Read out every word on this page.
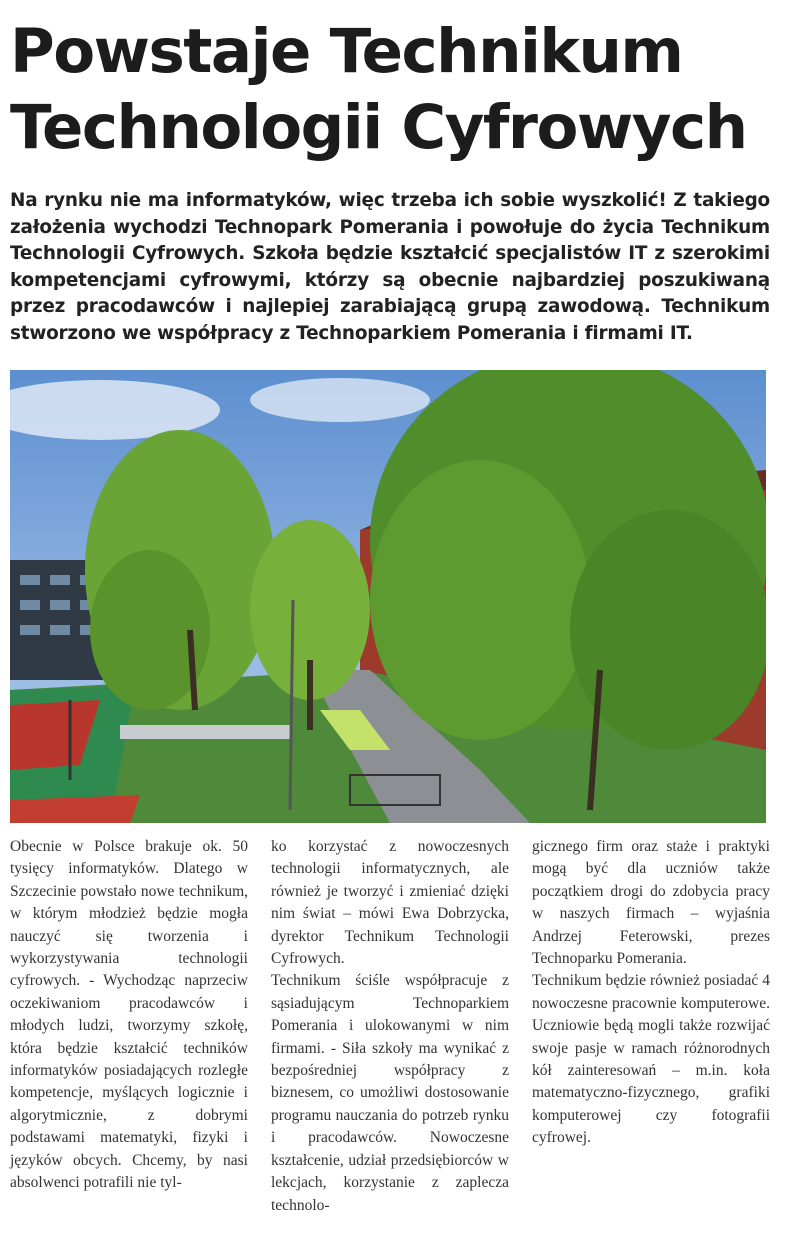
Powstaje Technikum
Technologii Cyfrowych

Na rynku nie ma informatyków, więc trzeba ich sobie wyszkolić! Z takiego założenia wychodzi Technopark Pomerania i powołuje do życia Technikum Technologii Cyfrowych. Szkoła będzie kształcić specjalistów IT z szerokimi kompetencjami cyfrowymi, którzy są obecnie najbardziej poszukiwaną przez pracodawców i najlepiej zarabiającą grupą zawodową. Technikum stworzono we współpracy z Technoparkiem Pomerania i firmami IT.

Obecnie w Polsce brakuje ok. 50 tysięcy informatyków. Dlatego w Szczecinie powstało nowe technikum, w którym młodzież będzie mogła nauczyć się tworzenia i wykorzystywania technologii cyfrowych. - Wychodząc naprzeciw oczekiwaniom pracodawców i młodych ludzi, tworzymy szkołę, która będzie kształcić techników informatyków posiadających rozległe kompetencje, myślących logicznie i algorytmicznie, z dobrymi podstawami matematyki, fizyki i języków obcych. Chcemy, by nasi absolwenci potrafili nie tyl-

ko korzystać z nowoczesnych technologii informatycznych, ale również je tworzyć i zmieniać dzięki nim świat – mówi Ewa Dobrzycka, dyrektor Technikum Technologii Cyfrowych.

Technikum ściśle współpracuje z sąsiadującym Technoparkiem Pomerania i ulokowanymi w nim firmami. - Siła szkoły ma wynikać z bezpośredniej współpracy z biznesem, co umożliwi dostosowanie programu nauczania do potrzeb rynku i pracodawców. Nowoczesne kształcenie, udział przedsiębiorców w lekcjach, korzystanie z zaplecza technolo-

gicznego firm oraz staże i praktyki mogą być dla uczniów także początkiem drogi do zdobycia pracy w naszych firmach – wyjaśnia Andrzej Feterowski, prezes Technoparku Pomerania.

Technikum będzie również posiadać 4 nowoczesne pracownie komputerowe. Uczniowie będą mogli także rozwijać swoje pasje w ramach różnorodnych kół zainteresowań – m.in. koła matematyczno-fizycznego, grafiki komputerowej czy fotografii cyfrowej.
